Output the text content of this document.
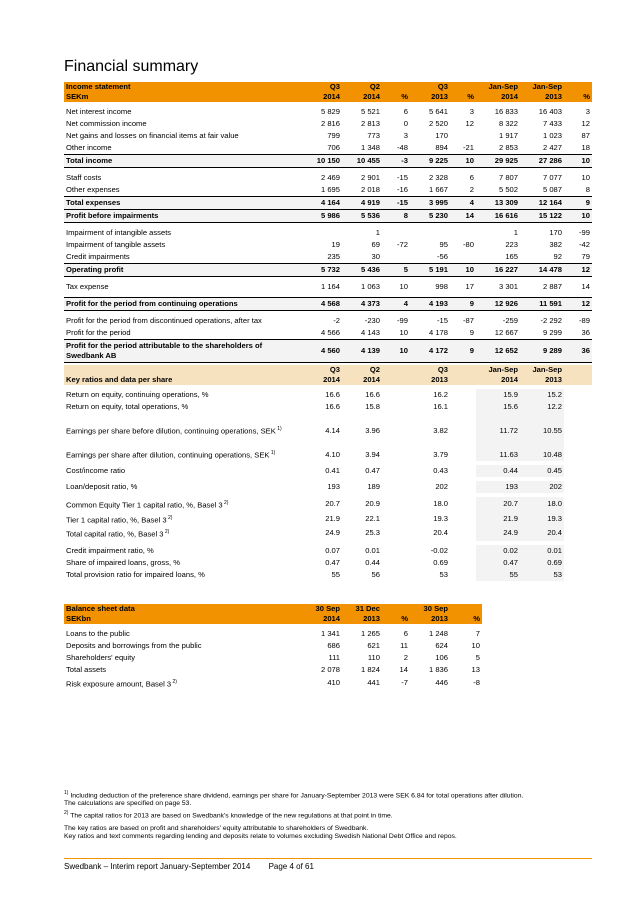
Financial summary
Income statement	Q3	Q2		Q3		Jan-Sep	Jan-Sep	
SEKm	2014	2014	%	2013	%	2014	2013	%

Net interest income	5 829	5 521	6	5 641	3	16 833	16 403	3
Net commission income	2 816	2 813	0	2 520	12	8 322	7 433	12
Net gains and losses on financial items at fair value	799	773	3	170		1 917	1 023	87
Other income	706	1 348	-48	894	-21	2 853	2 427	18
Total income	10 150	10 455	-3	9 225	10	29 925	27 286	10

Staff costs	2 469	2 901	-15	2 328	6	7 807	7 077	10
Other expenses	1 695	2 018	-16	1 667	2	5 502	5 087	8
Total expenses	4 164	4 919	-15	3 995	4	13 309	12 164	9
Profit before impairments	5 986	5 536	8	5 230	14	16 616	15 122	10

Impairment of intangible assets		1				1	170	-99
Impairment of tangible assets	19	69	-72	95	-80	223	382	-42
Credit impairments	235	30		-56		165	92	79
Operating profit	5 732	5 436	5	5 191	10	16 227	14 478	12

Tax expense	1 164	1 063	10	998	17	3 301	2 887	14

Profit for the period from continuing operations	4 568	4 373	4	4 193	9	12 926	11 591	12

Profit for the period from discontinued operations, after tax	-2	-230	-99	-15	-87	-259	-2 292	-89
Profit for the period	4 566	4 143	10	4 178	9	12 667	9 299	36
Profit for the period attributable to the shareholders of Swedbank AB	4 560	4 139	10	4 172	9	12 652	9 289	36
	Q3	Q2		Q3		Jan-Sep	Jan-Sep	
Key ratios and data per share	2014	2014		2013		2014	2013	

Return on equity, continuing operations, %	16.6	16.6		16.2		15.9	15.2	
Return on equity, total operations, %	16.6	15.8		16.1		15.6	12.2	
Earnings per share before dilution, continuing operations, SEK $^{1)}$	4.14	3.96		3.82		11.72	10.55	
Earnings per share after dilution, continuing operations, SEK $^{1)}$	4.10	3.94		3.79		11.63	10.48	

Cost/income ratio	0.41	0.47		0.43		0.44	0.45	

Loan/deposit ratio, %	193	189		202		193	202	

Common Equity Tier 1 capital ratio, %, Basel 3 $^{2)}$	20.7	20.9		18.0		20.7	18.0	
Tier 1 capital ratio, %, Basel 3 $^{2)}$	21.9	22.1		19.3		21.9	19.3	
Total capital ratio, %, Basel 3 $^{2)}$	24.9	25.3		20.4		24.9	20.4	

Credit impairment ratio, %	0.07	0.01		-0.02		0.02	0.01	
Share of impaired loans, gross, %	0.47	0.44		0.69		0.47	0.69	
Total provision ratio for impaired loans, %	55	56		53		55	53	
Balance sheet data	30 Sep	31 Dec		30 Sep	
SEKbn	2014	2013	%	2013	%

Loans to the public	1 341	1 265	6	1 248	7
Deposits and borrowings from the public	686	621	11	624	10
Shareholders' equity	111	110	2	106	5
Total assets	2 078	1 824	14	1 836	13
Risk exposure amount, Basel 3 $^{2)}$	410	441	-7	446	-8

$^{1)}$ Including deduction of the preference share dividend, earnings per share for January-September 2013 were SEK 6.84 for total operations after dilution.
The calculations are specified on page 53.
$^{2)}$ The capital ratios for 2013 are based on Swedbank's knowledge of the new regulations at that point in time.

The key ratios are based on profit and shareholders' equity attributable to shareholders of Swedbank.
Key ratios and text comments regarding lending and deposits relate to volumes excluding Swedish National Debt Office and repos.

Swedbank – Interim report January-September 2014 Page 4 of 61
